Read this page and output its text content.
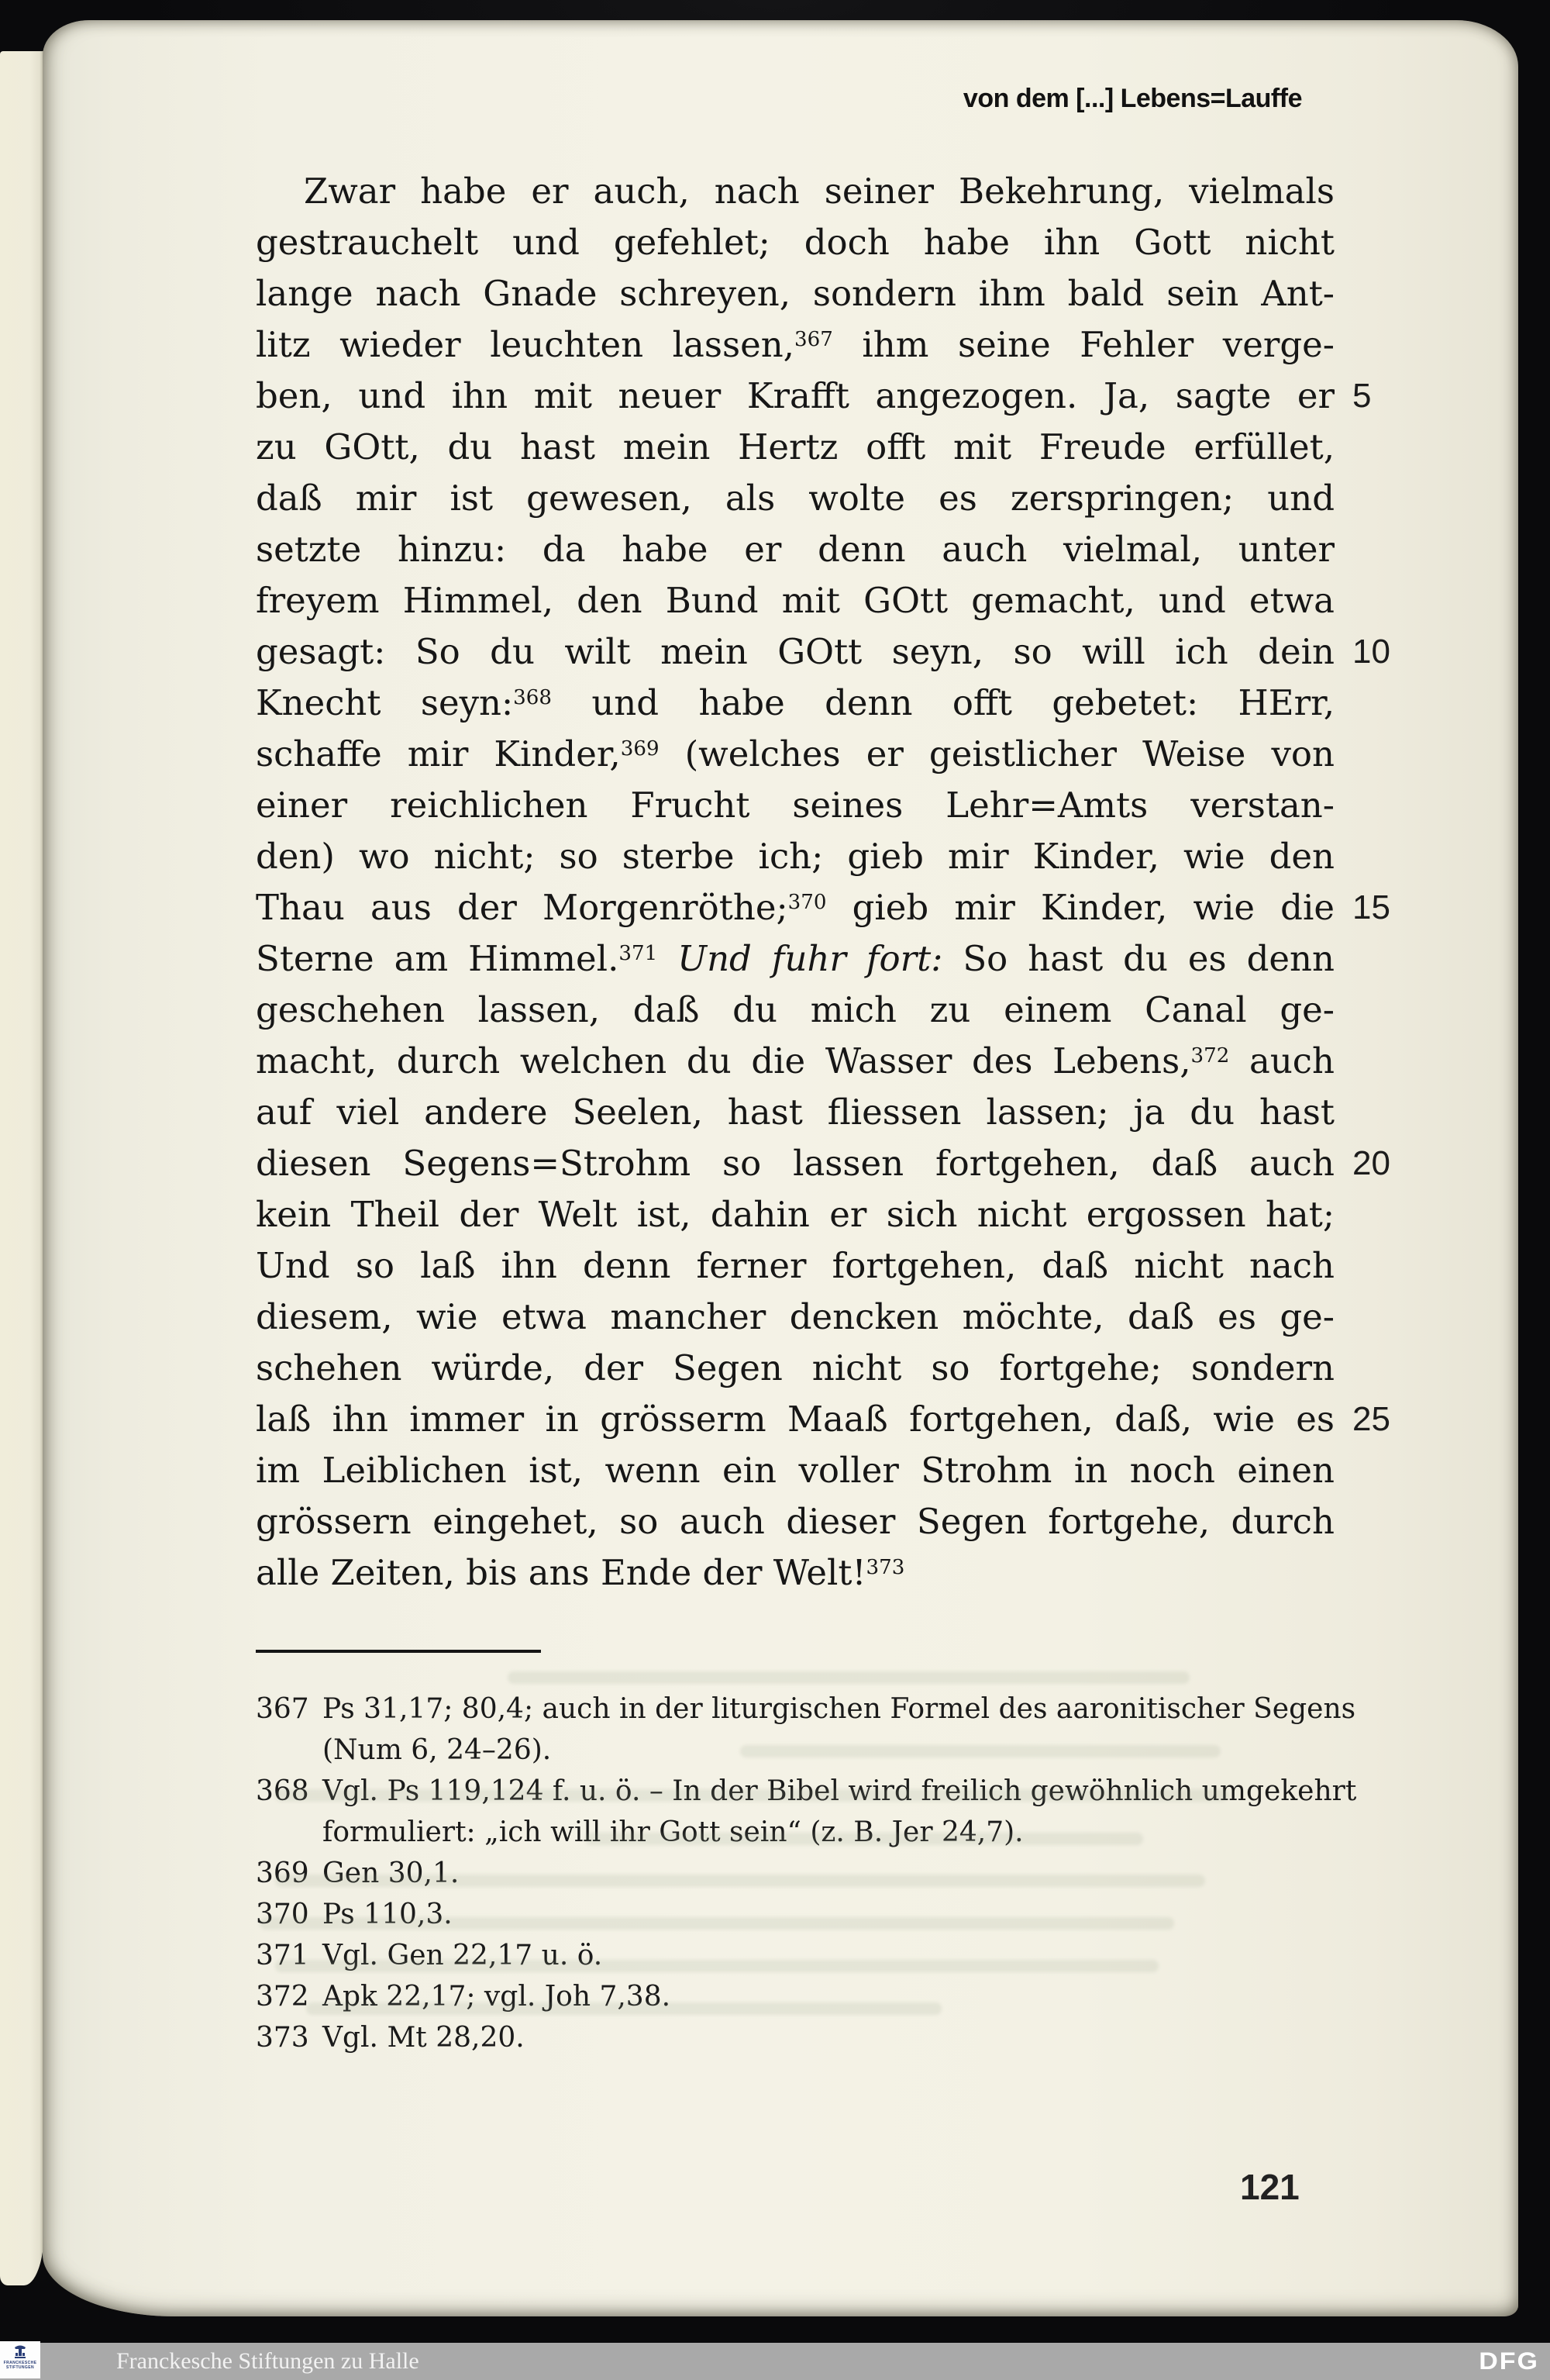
von dem [...] Lebens=Lauffe
Zwar habe er auch, nach seiner Bekehrung, vielmals
gestrauchelt und gefehlet; doch habe ihn Gott nicht
lange nach Gnade schreyen, sondern ihm bald sein Ant-
litz wieder leuchten lassen,$^{367}$ ihm seine Fehler verge-
ben, und ihn mit neuer Krafft angezogen. Ja, sagte er
zu GOtt, du hast mein Hertz offt mit Freude erfüllet,
daß mir ist gewesen, als wolte es zerspringen; und
setzte hinzu: da habe er denn auch vielmal, unter
freyem Himmel, den Bund mit GOtt gemacht, und etwa
gesagt: So du wilt mein GOtt seyn, so will ich dein
Knecht seyn:$^{368}$ und habe denn offt gebetet: HErr,
schaffe mir Kinder,$^{369}$ (welches er geistlicher Weise von
einer reichlichen Frucht seines Lehr=Amts verstan-
den) wo nicht; so sterbe ich; gieb mir Kinder, wie den
Thau aus der Morgenröthe;$^{370}$ gieb mir Kinder, wie die
Sterne am Himmel.$^{371}$ Und fuhr fort: So hast du es denn
geschehen lassen, daß du mich zu einem Canal ge-
macht, durch welchen du die Wasser des Lebens,$^{372}$ auch
auf viel andere Seelen, hast fliessen lassen; ja du hast
diesen Segens=Strohm so lassen fortgehen, daß auch
kein Theil der Welt ist, dahin er sich nicht ergossen hat;
Und so laß ihn denn ferner fortgehen, daß nicht nach
diesem, wie etwa mancher dencken möchte, daß es ge-
schehen würde, der Segen nicht so fortgehe; sondern
laß ihn immer in grösserm Maaß fortgehen, daß, wie es
im Leiblichen ist, wenn ein voller Strohm in noch einen
grössern eingehet, so auch dieser Segen fortgehe, durch
alle Zeiten, bis ans Ende der Welt!$^{373}$
5
10
15
20
25
367 Ps 31,17; 80,4; auch in der liturgischen Formel des aaronitischer Segens
(Num 6, 24–26).
368 Vgl. Ps 119,124 f. u. ö. – In der Bibel wird freilich gewöhnlich umgekehrt
formuliert: „ich will ihr Gott sein“ (z. B. Jer 24,7).
369 Gen 30,1.
370 Ps 110,3.
371 Vgl. Gen 22,17 u. ö.
372 Apk 22,17; vgl. Joh 7,38.
373 Vgl. Mt 28,20.
121
FRANCKESCHE
STIFTUNGEN	Franckesche Stiftungen zu Halle	DFG
